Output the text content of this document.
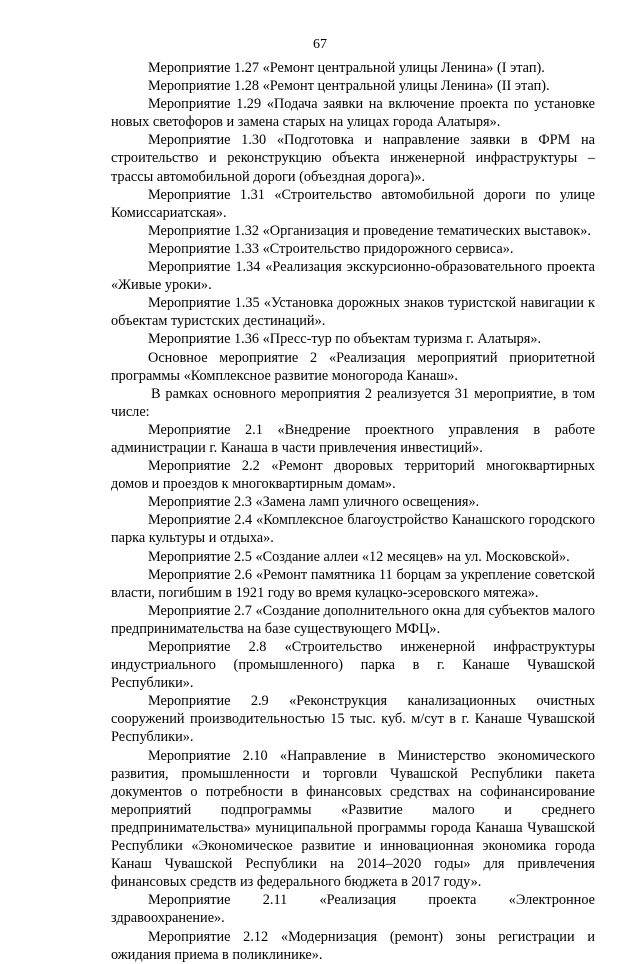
67

Мероприятие 1.27 «Ремонт центральной улицы Ленина» (I этап).

Мероприятие 1.28 «Ремонт центральной улицы Ленина» (II этап).

Мероприятие 1.29 «Подача заявки на включение проекта по установке новых светофоров и замена старых на улицах города Алатыря».

Мероприятие 1.30 «Подготовка и направление заявки в ФРМ на строительство и реконструкцию объекта инженерной инфраструктуры – трассы автомобильной дороги (объездная дорога)».

Мероприятие 1.31 «Строительство автомобильной дороги по улице Комиссариатская».

Мероприятие 1.32 «Организация и проведение тематических выставок».

Мероприятие 1.33 «Строительство придорожного сервиса».

Мероприятие 1.34 «Реализация экскурсионно-образовательного проекта «Живые уроки».

Мероприятие 1.35 «Установка дорожных знаков туристской навигации к объектам туристских дестинаций».

Мероприятие 1.36 «Пресс-тур по объектам туризма г. Алатыря».

Основное мероприятие 2 «Реализация мероприятий приоритетной программы «Комплексное развитие моногорода Канаш».

В рамках основного мероприятия 2 реализуется 31 мероприятие, в том числе:

Мероприятие 2.1 «Внедрение проектного управления в работе администрации г. Канаша в части привлечения инвестиций».

Мероприятие 2.2 «Ремонт дворовых территорий многоквартирных домов и проездов к многоквартирным домам».

Мероприятие 2.3 «Замена ламп уличного освещения».

Мероприятие 2.4 «Комплексное благоустройство Канашского городского парка культуры и отдыха».

Мероприятие 2.5 «Создание аллеи «12 месяцев» на ул. Московской».

Мероприятие 2.6 «Ремонт памятника 11 борцам за укрепление советской власти, погибшим в 1921 году во время кулацко-эсеровского мятежа».

Мероприятие 2.7 «Создание дополнительного окна для субъектов малого предпринимательства на базе существующего МФЦ».

Мероприятие 2.8 «Строительство инженерной инфраструктуры индустриального (промышленного) парка в г. Канаше Чувашской Республики».

Мероприятие 2.9 «Реконструкция канализационных очистных сооружений производительностью 15 тыс. куб. м/сут в г. Канаше Чувашской Республики».

Мероприятие 2.10 «Направление в Министерство экономического развития, промышленности и торговли Чувашской Республики пакета документов о потребности в финансовых средствах на софинансирование мероприятий подпрограммы «Развитие малого и среднего предпринимательства» муниципальной программы города Канаша Чувашской Республики «Экономическое развитие и инновационная экономика города Канаш Чувашской Республики на 2014–2020 годы» для привлечения финансовых средств из федерального бюджета в 2017 году».

Мероприятие 2.11 «Реализация проекта «Электронное здравоохранение».

Мероприятие 2.12 «Модернизация (ремонт) зоны регистрации и ожидания приема в поликлинике».
